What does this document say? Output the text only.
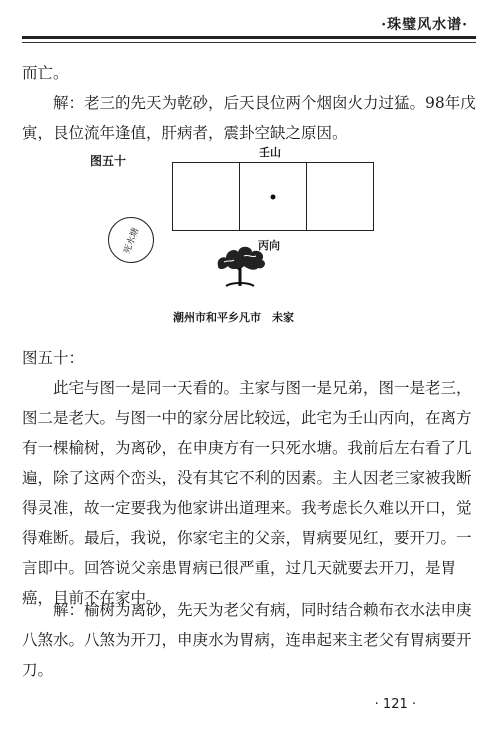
·珠璧风水谱·

而亡。

解：老三的先天为乾砂，后天艮位两个烟囱火力过猛。98年戊寅，艮位流年逢值，肝病者，震卦空缺之原因。

图五十
壬山
丙向
死水塘
潮州市和平乡凡市　未家

图五十：

此宅与图一是同一天看的。主家与图一是兄弟，图一是老三，图二是老大。与图一中的家分居比较远，此宅为壬山丙向，在离方有一棵榆树，为离砂，在申庚方有一只死水塘。我前后左右看了几遍，除了这两个峦头，没有其它不利的因素。主人因老三家被我断得灵准，故一定要我为他家讲出道理来。我考虑长久难以开口，觉得难断。最后，我说，你家宅主的父亲，胃病要见红，要开刀。一言即中。回答说父亲患胃病已很严重，过几天就要去开刀，是胃癌，目前不在家中。

解：榆树为离砂，先天为老父有病，同时结合赖布衣水法申庚八煞水。八煞为开刀，申庚水为胃病，连串起来主老父有胃病要开刀。

· 121 ·
